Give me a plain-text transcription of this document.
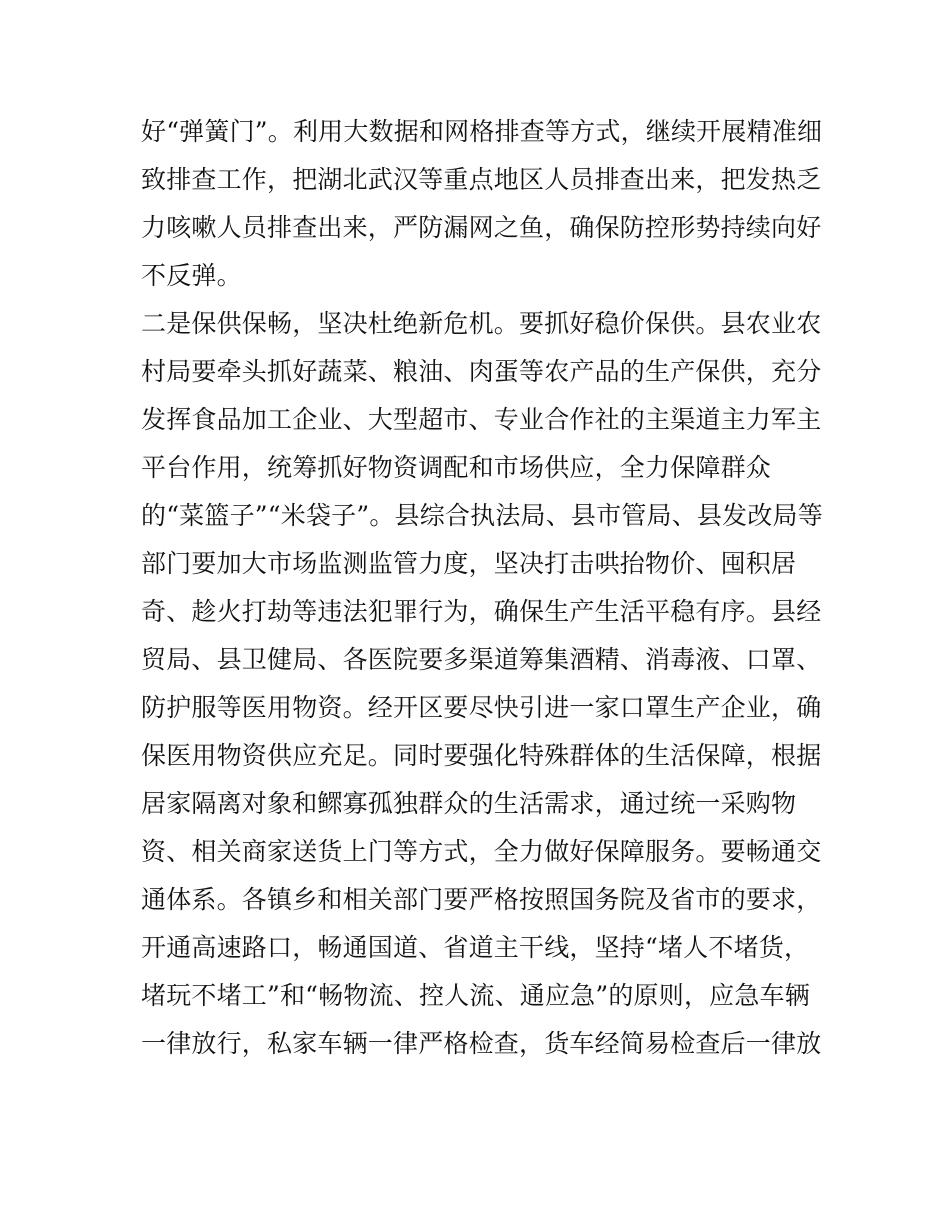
好“弹簧门”。利用大数据和网格排查等方式，继续开展精准细
致排查工作，把湖北武汉等重点地区人员排查出来，把发热乏
力咳嗽人员排查出来，严防漏网之鱼，确保防控形势持续向好
不反弹。
二是保供保畅，坚决杜绝新危机。要抓好稳价保供。县农业农
村局要牵头抓好蔬菜、粮油、肉蛋等农产品的生产保供，充分
发挥食品加工企业、大型超市、专业合作社的主渠道主力军主
平台作用，统筹抓好物资调配和市场供应，全力保障群众
的“菜篮子”“米袋子”。县综合执法局、县市管局、县发改局等
部门要加大市场监测监管力度，坚决打击哄抬物价、囤积居
奇、趁火打劫等违法犯罪行为，确保生产生活平稳有序。县经
贸局、县卫健局、各医院要多渠道筹集酒精、消毒液、口罩、
防护服等医用物资。经开区要尽快引进一家口罩生产企业，确
保医用物资供应充足。同时要强化特殊群体的生活保障，根据
居家隔离对象和鳏寡孤独群众的生活需求，通过统一采购物
资、相关商家送货上门等方式，全力做好保障服务。要畅通交
通体系。各镇乡和相关部门要严格按照国务院及省市的要求，
开通高速路口，畅通国道、省道主干线，坚持“堵人不堵货，
堵玩不堵工”和“畅物流、控人流、通应急”的原则，应急车辆
一律放行，私家车辆一律严格检查，货车经简易检查后一律放
